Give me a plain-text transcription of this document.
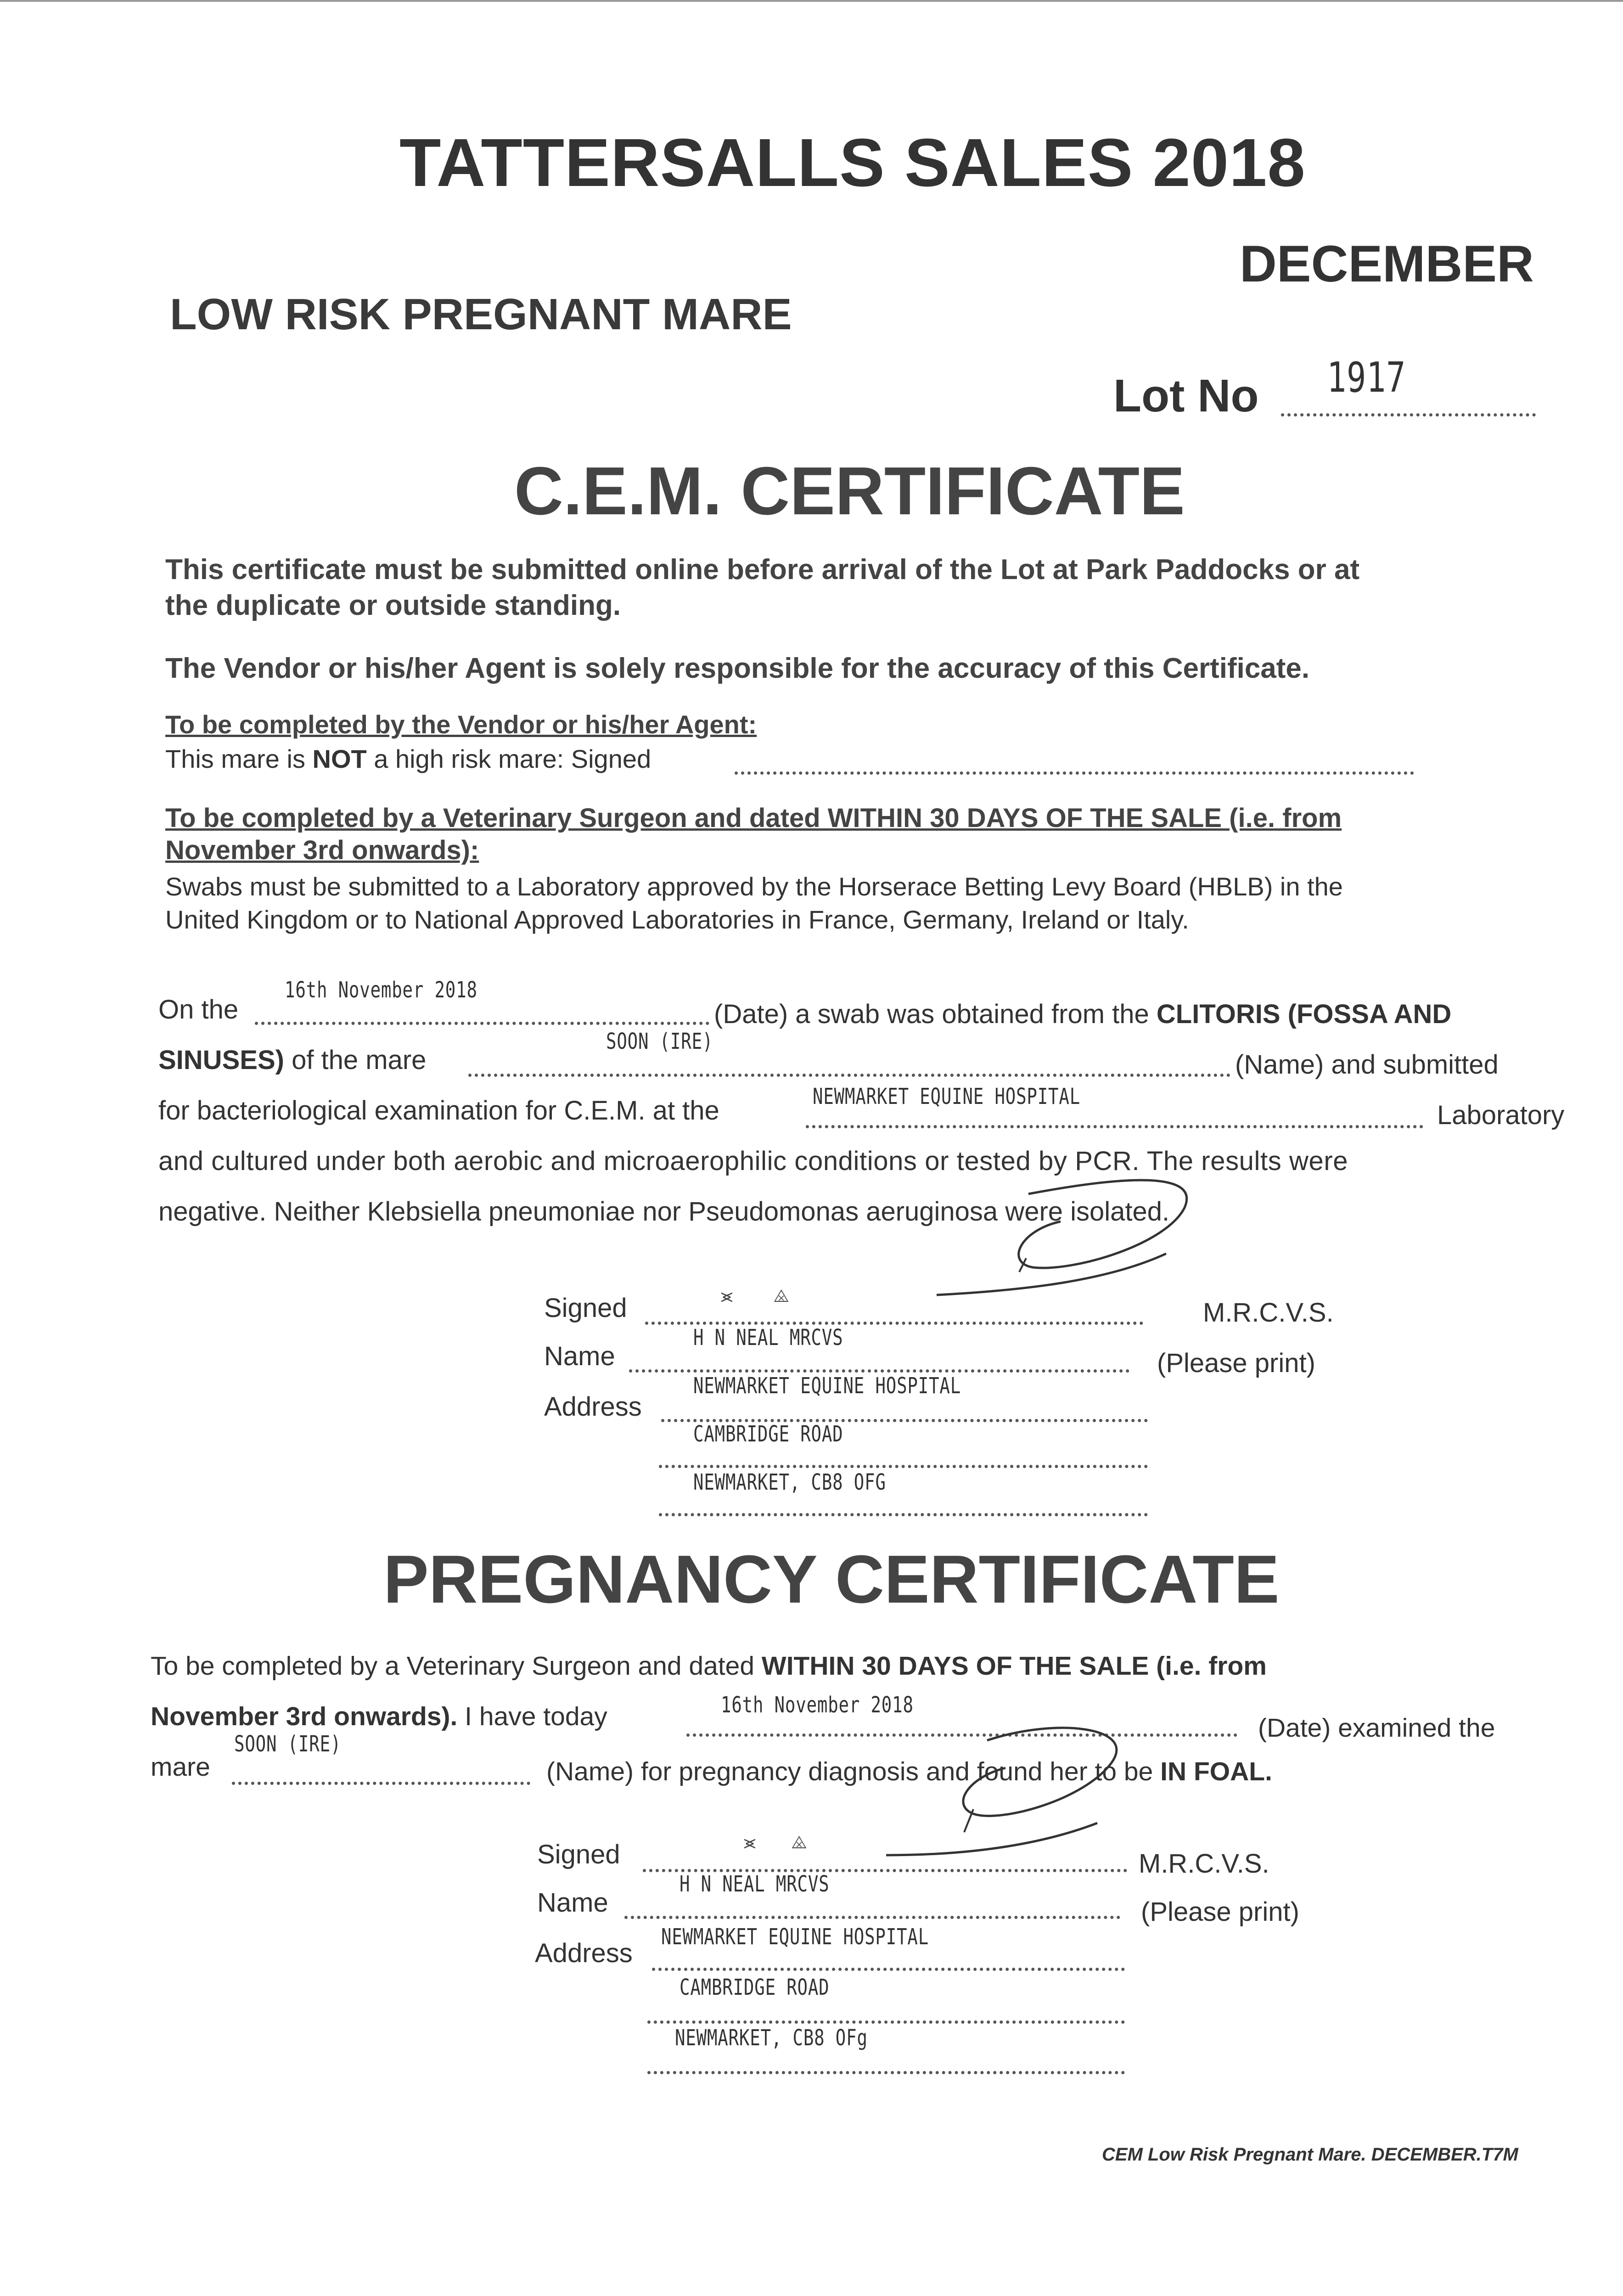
TATTERSALLS SALES 2018
DECEMBER
LOW RISK PREGNANT MARE
Lot No 1917
C.E.M. CERTIFICATE
This certificate must be submitted online before arrival of the Lot at Park Paddocks or at
the duplicate or outside standing.
The Vendor or his/her Agent is solely responsible for the accuracy of this Certificate.
To be completed by the Vendor or his/her Agent:
This mare is NOT a high risk mare: Signed
To be completed by a Veterinary Surgeon and dated WITHIN 30 DAYS OF THE SALE (i.e. from
November 3rd onwards):
Swabs must be submitted to a Laboratory approved by the Horserace Betting Levy Board (HBLB) in the
United Kingdom or to National Approved Laboratories in France, Germany, Ireland or Italy.
16th November 2018
On the	(Date) a swab was obtained from the CLITORIS (FOSSA AND
SINUSES) of the mare
SOON (IRE)
(Name) and submitted
for bacteriological examination for C.E.M. at the	NEWMARKET EQUINE HOSPITAL
Laboratory
and cultured under both aerobic and microaerophilic conditions or tested by PCR. The results were
negative. Neither Klebsiella pneumoniae nor Pseudomonas aeruginosa were isolated.
Signed	M.R.C.V.S.
⪤        ⨻
H N NEAL MRCVS
Name	(Please print)
NEWMARKET EQUINE HOSPITAL
Address
CAMBRIDGE ROAD
NEWMARKET, CB8 OFG
PREGNANCY CERTIFICATE
To be completed by a Veterinary Surgeon and dated WITHIN 30 DAYS OF THE SALE (i.e. from
November 3rd onwards). I have today	16th November 2018
(Date) examined the
mare
SOON (IRE)
(Name) for pregnancy diagnosis and found her to be IN FOAL.
Signed	M.R.C.V.S.
⪤       ⨻
H N NEAL MRCVS
Name	(Please print)
NEWMARKET EQUINE HOSPITAL
Address
CAMBRIDGE ROAD
NEWMARKET, CB8 OFg
CEM Low Risk Pregnant Mare. DECEMBER.T7M
